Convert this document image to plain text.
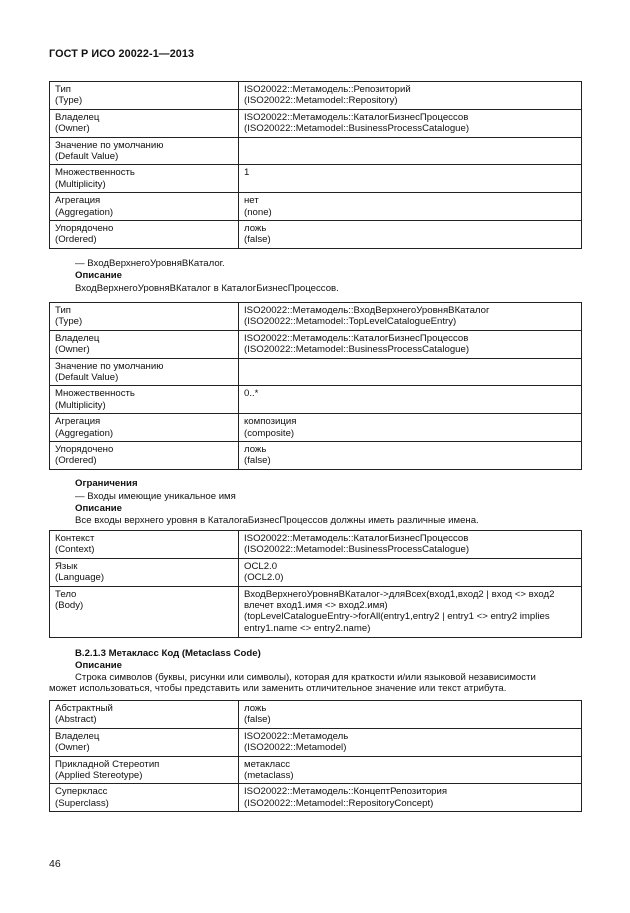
ГОСТ Р ИСО 20022-1—2013
Тип
(Type)	ISO20022::Метамодель::Репозиторий
(ISO20022::Metamodel::Repository)

Владелец
(Owner)	ISO20022::Метамодель::КаталогБизнесПроцессов
(ISO20022::Metamodel::BusinessProcessCatalogue)

Значение по умолчанию
(Default Value)	

Множественность
(Multiplicity)	1

Агрегация
(Aggregation)	нет
(none)

Упорядочено
(Ordered)	ложь
(false)
— ВходВерхнегоУровняВКаталог.
Описание
ВходВерхнегоУровняВКаталог в КаталогБизнесПроцессов.
Тип
(Type)	ISO20022::Метамодель::ВходВерхнегоУровняВКаталог
(ISO20022::Metamodel::TopLevelCatalogueEntry)

Владелец
(Owner)	ISO20022::Метамодель::КаталогБизнесПроцессов
(ISO20022::Metamodel::BusinessProcessCatalogue)

Значение по умолчанию
(Default Value)	

Множественность
(Multiplicity)	0..*

Агрегация
(Aggregation)	композиция
(composite)

Упорядочено
(Ordered)	ложь
(false)
Ограничения
— Входы имеющие уникальное имя
Описание
Все входы верхнего уровня в КаталогаБизнесПроцессов должны иметь различные имена.
Контекст
(Context)	ISO20022::Метамодель::КаталогБизнесПроцессов
(ISO20022::Metamodel::BusinessProcessCatalogue)

Язык
(Language)	OCL2.0
(OCL2.0)

Тело
(Body)	ВходВерхнегоУровняВКаталог->дляВсех(вход1,вход2 | вход <> вход2
влечет вход1.имя <> вход2.имя)
(topLevelCatalogueEntry->forAll(entry1,entry2 | entry1 <> entry2 implies
entry1.name <> entry2.name)
B.2.1.3 Метакласс Код (Metaclass Code)
Описание
Строка символов (буквы, рисунки или символы), которая для краткости и/или языковой независимости
может использоваться, чтобы представить или заменить отличительное значение или текст атрибута.
Абстрактный
(Abstract)	ложь
(false)

Владелец
(Owner)	ISO20022::Метамодель
(ISO20022::Metamodel)

Прикладной Стереотип
(Applied Stereotype)	метакласс
(metaclass)

Суперкласс
(Superclass)	ISO20022::Метамодель::КонцептРепозитория
(ISO20022::Metamodel::RepositoryConcept)
46
